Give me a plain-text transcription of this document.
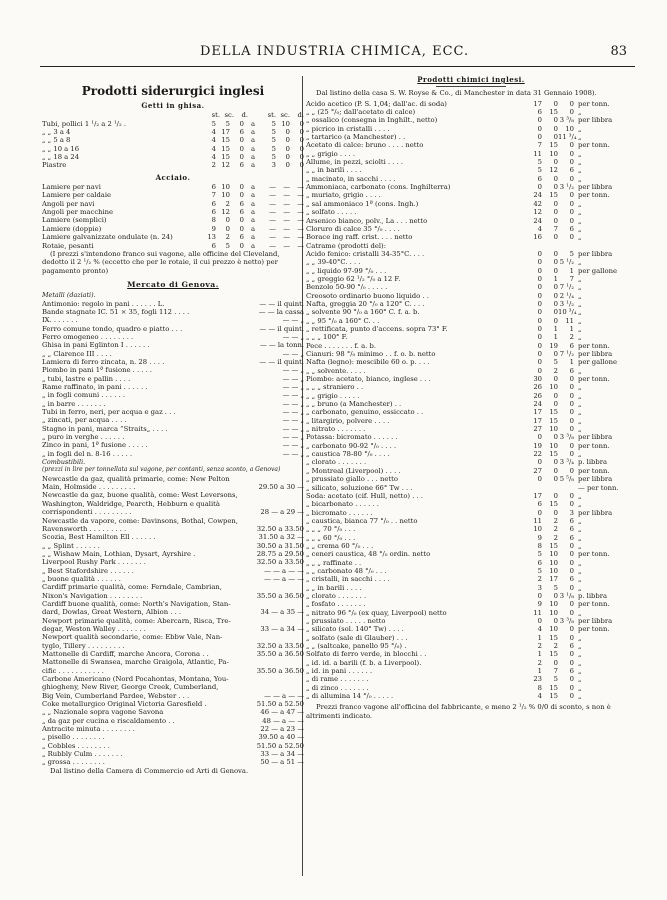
DELLA INDUSTRIA CHIMICA, ECC.	83
Prodotti siderurgici inglesi
Getti in ghisa.
st. sc.	d.	st. sc.	d.
Tubi, pollici 1 ¹/₂ a 2 ¹/₂ .	5	5	0	a	5 10	0
„ „ 3 a 4	4 17	6	a	5	0	0
„ „ 5 a 8	4 15	0	a	5	0	0
„ „ 10 a 16	4 15	0	a	5	0	0
„ „ 18 a 24	4 15	0	a	5	0	0
Piastre	2 12	6	a	3	0	0
Acciaio.
Lamiere per navi	6 10	0	a	—	—	—
Lamiere per caldaie	7 10	0	a	—	—	—
Angoli per navi	6	2	6	a	—	—	—
Angoli per macchine	6 12	6	a	—	—	—
Lamiere (semplici)	8	0	0	a	—	—	—
Lamiere (doppie)	9	0	0	a	—	—	—
Lamiere galvanizzate ondulate (n. 24)	13	2	6	a	—	—	—
Rotaie, pesanti	6	5	0	a	—	—	—
(I prezzi s'intendono franco sui vagone, alle officine del Cleveland, dedotto il 2 ¹/₂ % (eccetto che per le rotaie, il cui prezzo è netto) per pagamento pronto)
Mercato di Genova.
Metalli (daziati).
Antimonio: regolo in pani . . . . . . L.	— — il quint.
Bande stagnate IC. 51 × 35, fogli 112 . . . .	— — la cassa
IX. . . . . . .	— — „
Ferro comune tondo, quadro e piatto . . .	— — il quint.
Ferro omogeneo . . . . . . . .	— — „
Ghisa in pani Eglinton I . . . . . .	— — la tonn.
„ „ Clarence III . . . .	— — „
Lamiera di ferro zincata, n. 28 . . . .	— — il quint.
Piombo in pani 1ª fusione . . . . .	— — „
„ tubi, lastre e pallin . . . .	— — „
Rame raffinato, in pani . . . . . .	— — „
„ in fogli comuni . . . . . .	— — „
„ in barre . . . . . . .	— — „
Tubi in ferro, neri, per acqua e gaz . . .	— — „
„ zincati, per acqua . . . .	— — „
Stagno in pani, marca “Straits„ . . . .	— — „
„ puro in verghe . . . . . .	— — „
Zinco in pani, 1ª fusione . . . . .	— — „
„ in fogli del n. 8-16 . . . . .	— — „
Combustibili.
(prezzi in lire per tonnellata sul vagone, per contanti, senza sconto, a Genova)
Newcastle da gaz, qualità primarie, come: New Pelton
Main, Holmside . . . . . . . . .	29.50 a 30 —
Newcastle da gaz, buone qualità, come: West Leversons,
Washington, Waldridge, Pearcth, Hebburn e qualità
corrispondenti . . . . . . . . .	28 — a 29 —
Newcastle da vapore, come: Davinsons, Bothal, Cowpen,
Ravensworth . . . . . . . . .	32.50 a 33.50
Scozia, Best Hamilton Ell . . . . . .	31.50 a 32 —
„ „ Splint . . . . . .	30.50 a 31.50
„ „ Wishaw Main, Lothian, Dysart, Ayrshire .	28.75 a 29.50
Liverpool Rushy Park . . . . . . .	32.50 a 33.50
„ Best Stafordshire . . . . . .	— — a — —
„ buone qualità . . . . . .	— — a — —
Cardiff primarie qualità, come: Ferndale, Cambrian,
Nixon's Navigation . . . . . . . .	35.50 a 36.50
Cardiff buone qualità, come: North's Navigation, Stan-
dard, Dowlas, Great Western, Albion . . .	34 — a 35 —
Newport primarie qualità, come: Abercarn, Risca, Tre-
degar, Weston Walley . . . . . . .	33 — a 34 —
Newport qualità secondarie, come: Ebbw Vale, Nan-
tyglo, Tillery . . . . . . . . .	32.50 a 33.50
Mattonelle di Cardiff, marche Ancora, Corona . .	35.50 a 36.50
Mattonelle di Swansea, marche Graigola, Atlantic, Pa-
cific . . . . . . . . . . .	35.50 a 36.50
Carbone Americano (Nord Pocahontas, Montana, You-
ghiogheny, New River, George Creek, Cumberland,
Big Vein, Cumberland Pardee, Webster . . .	— — a — —
Coke metallurgico Original Victoria Garesfield .	51.50 a 52.50
„ „ Nazionale sopra vagone Savona	46 — a 47 —
„ da gaz per cucina e riscaldamento . .	48 — a — —
Antracite minuta . . . . . . . .	22 — a 23 —
„ pisello . . . . . . . .	39.50 a 40 —
„ Cobbles . . . . . . . .	51.50 a 52.50
„ Rubbly Culm . . . . . . .	33 — a 34 —
„ grossa . . . . . . . .	50 — a 51 —
Dal listino della Camera di Commercio ed Arti di Genova.
Prodotti chimici inglesi.
Dal listino della casa S. W. Royse & Co., di Manchester in data 31 Gennaio 1908).
Acido acetico (P. S. 1,04; dall'ac. di soda)	17	0	0 per tonn.
„ „ (25 °/₀; dall'acetato di calce)	6	15	0 „
„ ossalico (consegna in Inghilt., netto)	0	0 3 ³/₈ per libbra
„ picrico in cristalli . . . .	0	0	10 „
„ tartarico (a Manchester) . .	0	0 11 ³/₄ „
Acetato di calce: bruno . . . . netto	7	15	0 per tonn.
„ „ grigio . . . .	11	10	0 „
Allume, in pezzi, sciolti . . . .	5	0	0 „
„ „ in barili . . . .	5	12	6 „
„ macinato, in sacchi . . . .	6	0	0 „
Ammoniaca, carbonato (cons. Inghilterra)	0	0 3 ¹/₂ per libbra
„ muriato, grigio . . . .	24	15	0 per tonn.
„ sal ammoniaco 1ª (cons. Ingh.)	42	0	0 „
„ solfato . . . . .	12	0	0 „
Arsenico bianco, polv., La . . . netto	24	0	0 „
Cloruro di calce 35 °/₀ . . . .	4	7	6 „
Borace ing raff. crist. . . . netto	16	0	0 „
Catrame (prodotti del):
Acido fenico: cristalli 34-35°C. . . .	0	0	5 per libbra
„ „ 39-40°C. . . .	0	0 5 ¹/₂ „
„ „ liquido 97-99 °/₀ . . .	0	0	1 per gallone
„ „ greggio 62 ¹/₂ °/₀ a 12 F.	0	1	7 „
Benzolo 50-90 °/₀ . . . . .	0	0 7 ¹/₂ „
Creosoto ordinario buono liquido . .	0	0 2 ¹/₄ „
Nafta, greggia 20 °/₀ a 120° C. . . .	0	0 3 ¹/₂ „
„ solvente 90 °/₀ a 160° C. f. a. b.	0	0 10 ³/₄ „
„ „ 95 °/₀ a 160° C. . .	0	0	11 „
„ rettificata, punto d'accens. sopra 73° F.	0	1	1 „
„ „ „ 100° F.	0	1	2 „
Pece . . . . . . . f. a. b.	0	19	6 per tonn.
Cianuri: 98 °/₀ minimo . . f. o. b. netto	0	0 7 ¹/₂ per libbra
Nafta (legno): mescibile 60 o. p. . . .	0	5	1 per gallone
„ „ solvente. . . . .	0	2	6 „
Piombo: acetato, bianco, inglese . . .	30	0	0 per tonn.
„ „ „ straniero . .	26	10	0 „
„ „ grigio . . . . .	26	0	0 „
„ „ bruno (a Manchester) . .	24	0	0 „
„ carbonato, genuino, essiccato . .	17	15	0 „
„ litargirio, polvere . . . .	17	15	0 „
„ nitrato . . . . . . .	27	10	0 „
Potassa: bicromato . . . . . .	0	0 3 ³/₈ per libbra
„ carbonato 90-92 °/₀ . . . .	19	10	0 per tonn.
„ caustica 78-80 °/₀ . . . .	22	15	0 „
„ clorato . . . . . . .	0	0 3 ³/₄ p. libbra
„ Montreal (Liverpool) . . . .	27	0	0 per tonn.
„ prussiato giallo . . . netto	0	0 5 ⁵/₈ per libbra
„ silicato, soluzione 66° Tw . . .	— per tonn.
Soda: acetato (cif. Hull, netto) . . .	17	0	0 „
„ bicarbonato . . . . . .	6	15	0 „
„ bicromato . . . . . .	0	0	3 per libbra
„ caustica, bianca 77 °/₀ . . netto	11	2	6 „
„ „ „ 70 °/₀ . . .	10	2	6 „
„ „ „ 60 °/₀ . . .	9	2	6 „
„ „ crema 60 °/₀ . . .	8	15	0 „
„ ceneri caustica, 48 °/₀ ordin. netto	5	10	0 per tonn.
„ „ „ raffinate . .	6	10	0 „
„ „ carbonato 48 °/₀ . . .	5	10	0 „
„ cristalli, in sacchi . . . .	2	17	6 „
„ „ in barili . . . .	3	5	0 „
„ clorato . . . . . . .	0	0 3 ¹/₈ p. libbra
„ fosfato . . . . . . .	9	10	0 per tonn.
„ nitrato 96 °/₀ (ex quay, Liverpool) netto	11	10	0 „
„ prussiato . . . . . netto	0	0 3 ³/₈ per libbra
„ silicato (sol. 140° Tw) . . . .	4	10	0 per tonn.
„ solfato (sale di Glauber) . . .	1	15	0 „
„ „ (saltcake, panello 95 °/₀) .	2	2	6 „
Solfato di ferro verde, in blocchi . .	1	15	0 „
„ id. id. a barili (f. b. a Liverpool).	2	0	0 „
„ id. in pani . . . . . .	1	7	6 „
„ di rame . . . . . . .	23	5	0 „
„ di zinco . . . . . . .	8	15	0 „
„ di allumina 14 °/₀ . . . . .	4	15	0 „
Prezzi franco vagone all'officina del fabbricante, e meno 2 ¹/₂ % 0/0 di sconto, s non è altrimenti indicato.
